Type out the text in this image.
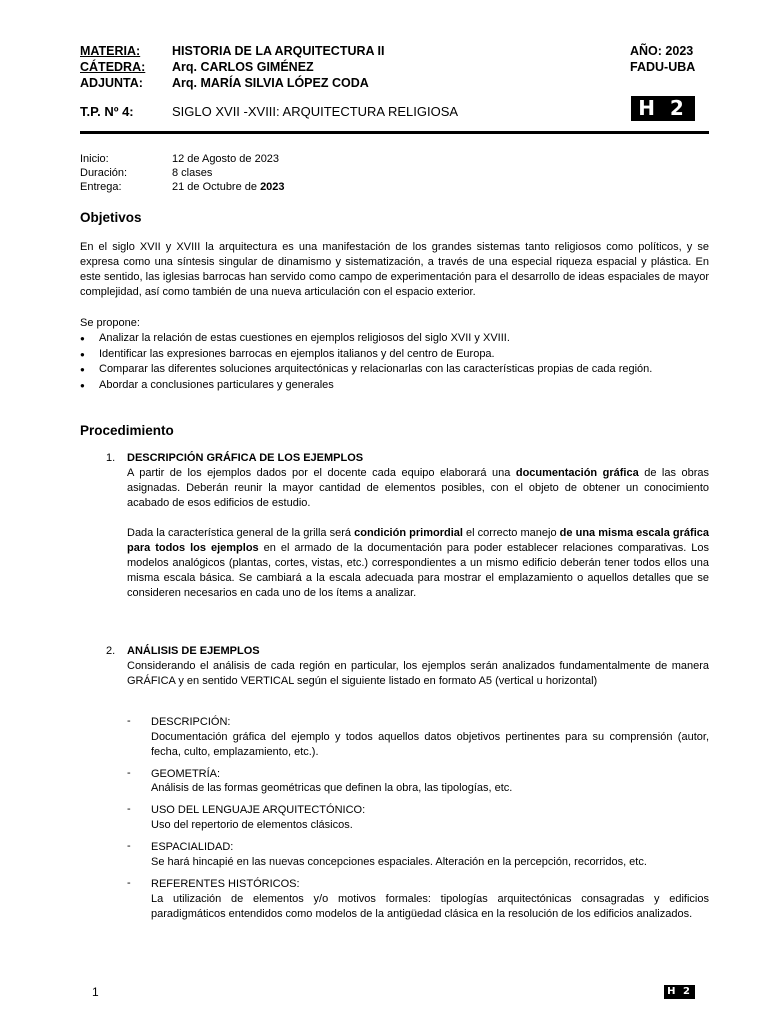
MATERIA:	HISTORIA DE LA ARQUITECTURA II	AÑO: 2023
CÁTEDRA: Arq. CARLOS GIMÉNEZ	FADU-UBA
ADJUNTA: Arq. MARÍA SILVIA LÓPEZ CODA
T.P. Nº 4:	SIGLO XVII -XVIII: ARQUITECTURA RELIGIOSA	H 2
Inicio:	12 de Agosto de 2023
Duración:	8 clases
Entrega:	21 de Octubre de 2023
Objetivos
En el siglo XVII y XVIII la arquitectura es una manifestación de los grandes sistemas tanto religiosos como políticos, y se expresa como una síntesis singular de dinamismo y sistematización, a través de una especial riqueza espacial y plástica. En este sentido, las iglesias barrocas han servido como campo de experimentación para el desarrollo de ideas espaciales de mayor complejidad, así como también de una nueva articulación con el espacio exterior.
Se propone:
● Analizar la relación de estas cuestiones en ejemplos religiosos del siglo XVII y XVIII.
● Identificar las expresiones barrocas en ejemplos italianos y del centro de Europa.
● Comparar las diferentes soluciones arquitectónicas y relacionarlas con las características propias de cada región.
● Abordar a conclusiones particulares y generales
Procedimiento
1. DESCRIPCIÓN GRÁFICA DE LOS EJEMPLOS
A partir de los ejemplos dados por el docente cada equipo elaborará una documentación gráfica de las obras asignadas. Deberán reunir la mayor cantidad de elementos posibles, con el objeto de obtener un conocimiento acabado de esos edificios de estudio.
Dada la característica general de la grilla será condición primordial el correcto manejo de una misma escala gráfica para todos los ejemplos en el armado de la documentación para poder establecer relaciones comparativas. Los modelos analógicos (plantas, cortes, vistas, etc.) correspondientes a un mismo edificio deberán tener todos ellos una misma escala básica. Se cambiará a la escala adecuada para mostrar el emplazamiento o aquellos detalles que se consideren necesarios en cada uno de los ítems a analizar.
2. ANÁLISIS DE EJEMPLOS
Considerando el análisis de cada región en particular, los ejemplos serán analizados fundamentalmente de manera GRÁFICA y en sentido VERTICAL según el siguiente listado en formato A5 (vertical u horizontal)
- DESCRIPCIÓN:
Documentación gráfica del ejemplo y todos aquellos datos objetivos pertinentes para su comprensión (autor, fecha, culto, emplazamiento, etc.).
- GEOMETRÍA:
Análisis de las formas geométricas que definen la obra, las tipologías, etc.
- USO DEL LENGUAJE ARQUITECTÓNICO:
Uso del repertorio de elementos clásicos.
- ESPACIALIDAD:
Se hará hincapié en las nuevas concepciones espaciales. Alteración en la percepción, recorridos, etc.
- REFERENTES HISTÓRICOS:
La utilización de elementos y/o motivos formales: tipologías arquitectónicas consagradas y edificios paradigmáticos entendidos como modelos de la antigüedad clásica en la resolución de los edificios analizados.
1	H 2
